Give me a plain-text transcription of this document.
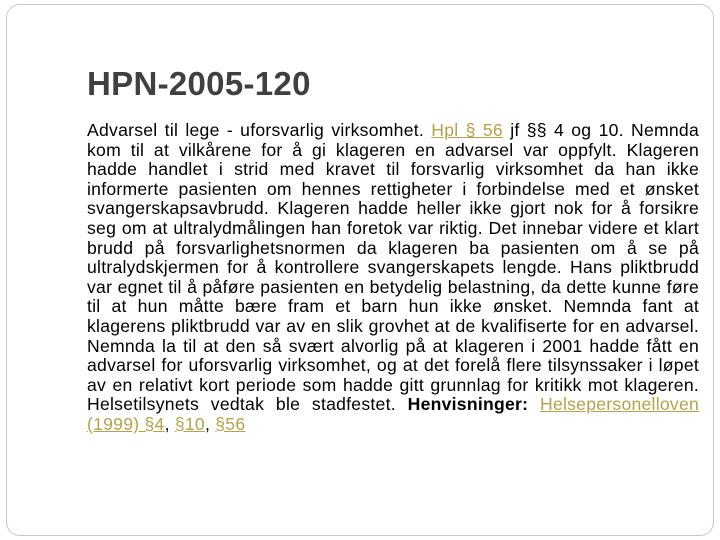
HPN-2005-120

Advarsel til lege - uforsvarlig virksomhet. Hpl § 56 jf §§ 4 og 10. Nemnda kom til at vilkårene for å gi klageren en advarsel var oppfylt. Klageren hadde handlet i strid med kravet til forsvarlig virksomhet da han ikke informerte pasienten om hennes rettigheter i forbindelse med et ønsket svangerskapsavbrudd. Klageren hadde heller ikke gjort nok for å forsikre seg om at ultralydmålingen han foretok var riktig. Det innebar videre et klart brudd på forsvarlighetsnormen da klageren ba pasienten om å se på ultralydskjermen for å kontrollere svangerskapets lengde. Hans pliktbrudd var egnet til å påføre pasienten en betydelig belastning, da dette kunne føre til at hun måtte bære fram et barn hun ikke ønsket. Nemnda fant at klagerens pliktbrudd var av en slik grovhet at de kvalifiserte for en advarsel. Nemnda la til at den så svært alvorlig på at klageren i 2001 hadde fått en advarsel for uforsvarlig virksomhet, og at det forelå flere tilsynssaker i løpet av en relativt kort periode som hadde gitt grunnlag for kritikk mot klageren. Helsetilsynets vedtak ble stadfestet. Henvisninger: Helsepersonelloven (1999) §4, §10, §56
